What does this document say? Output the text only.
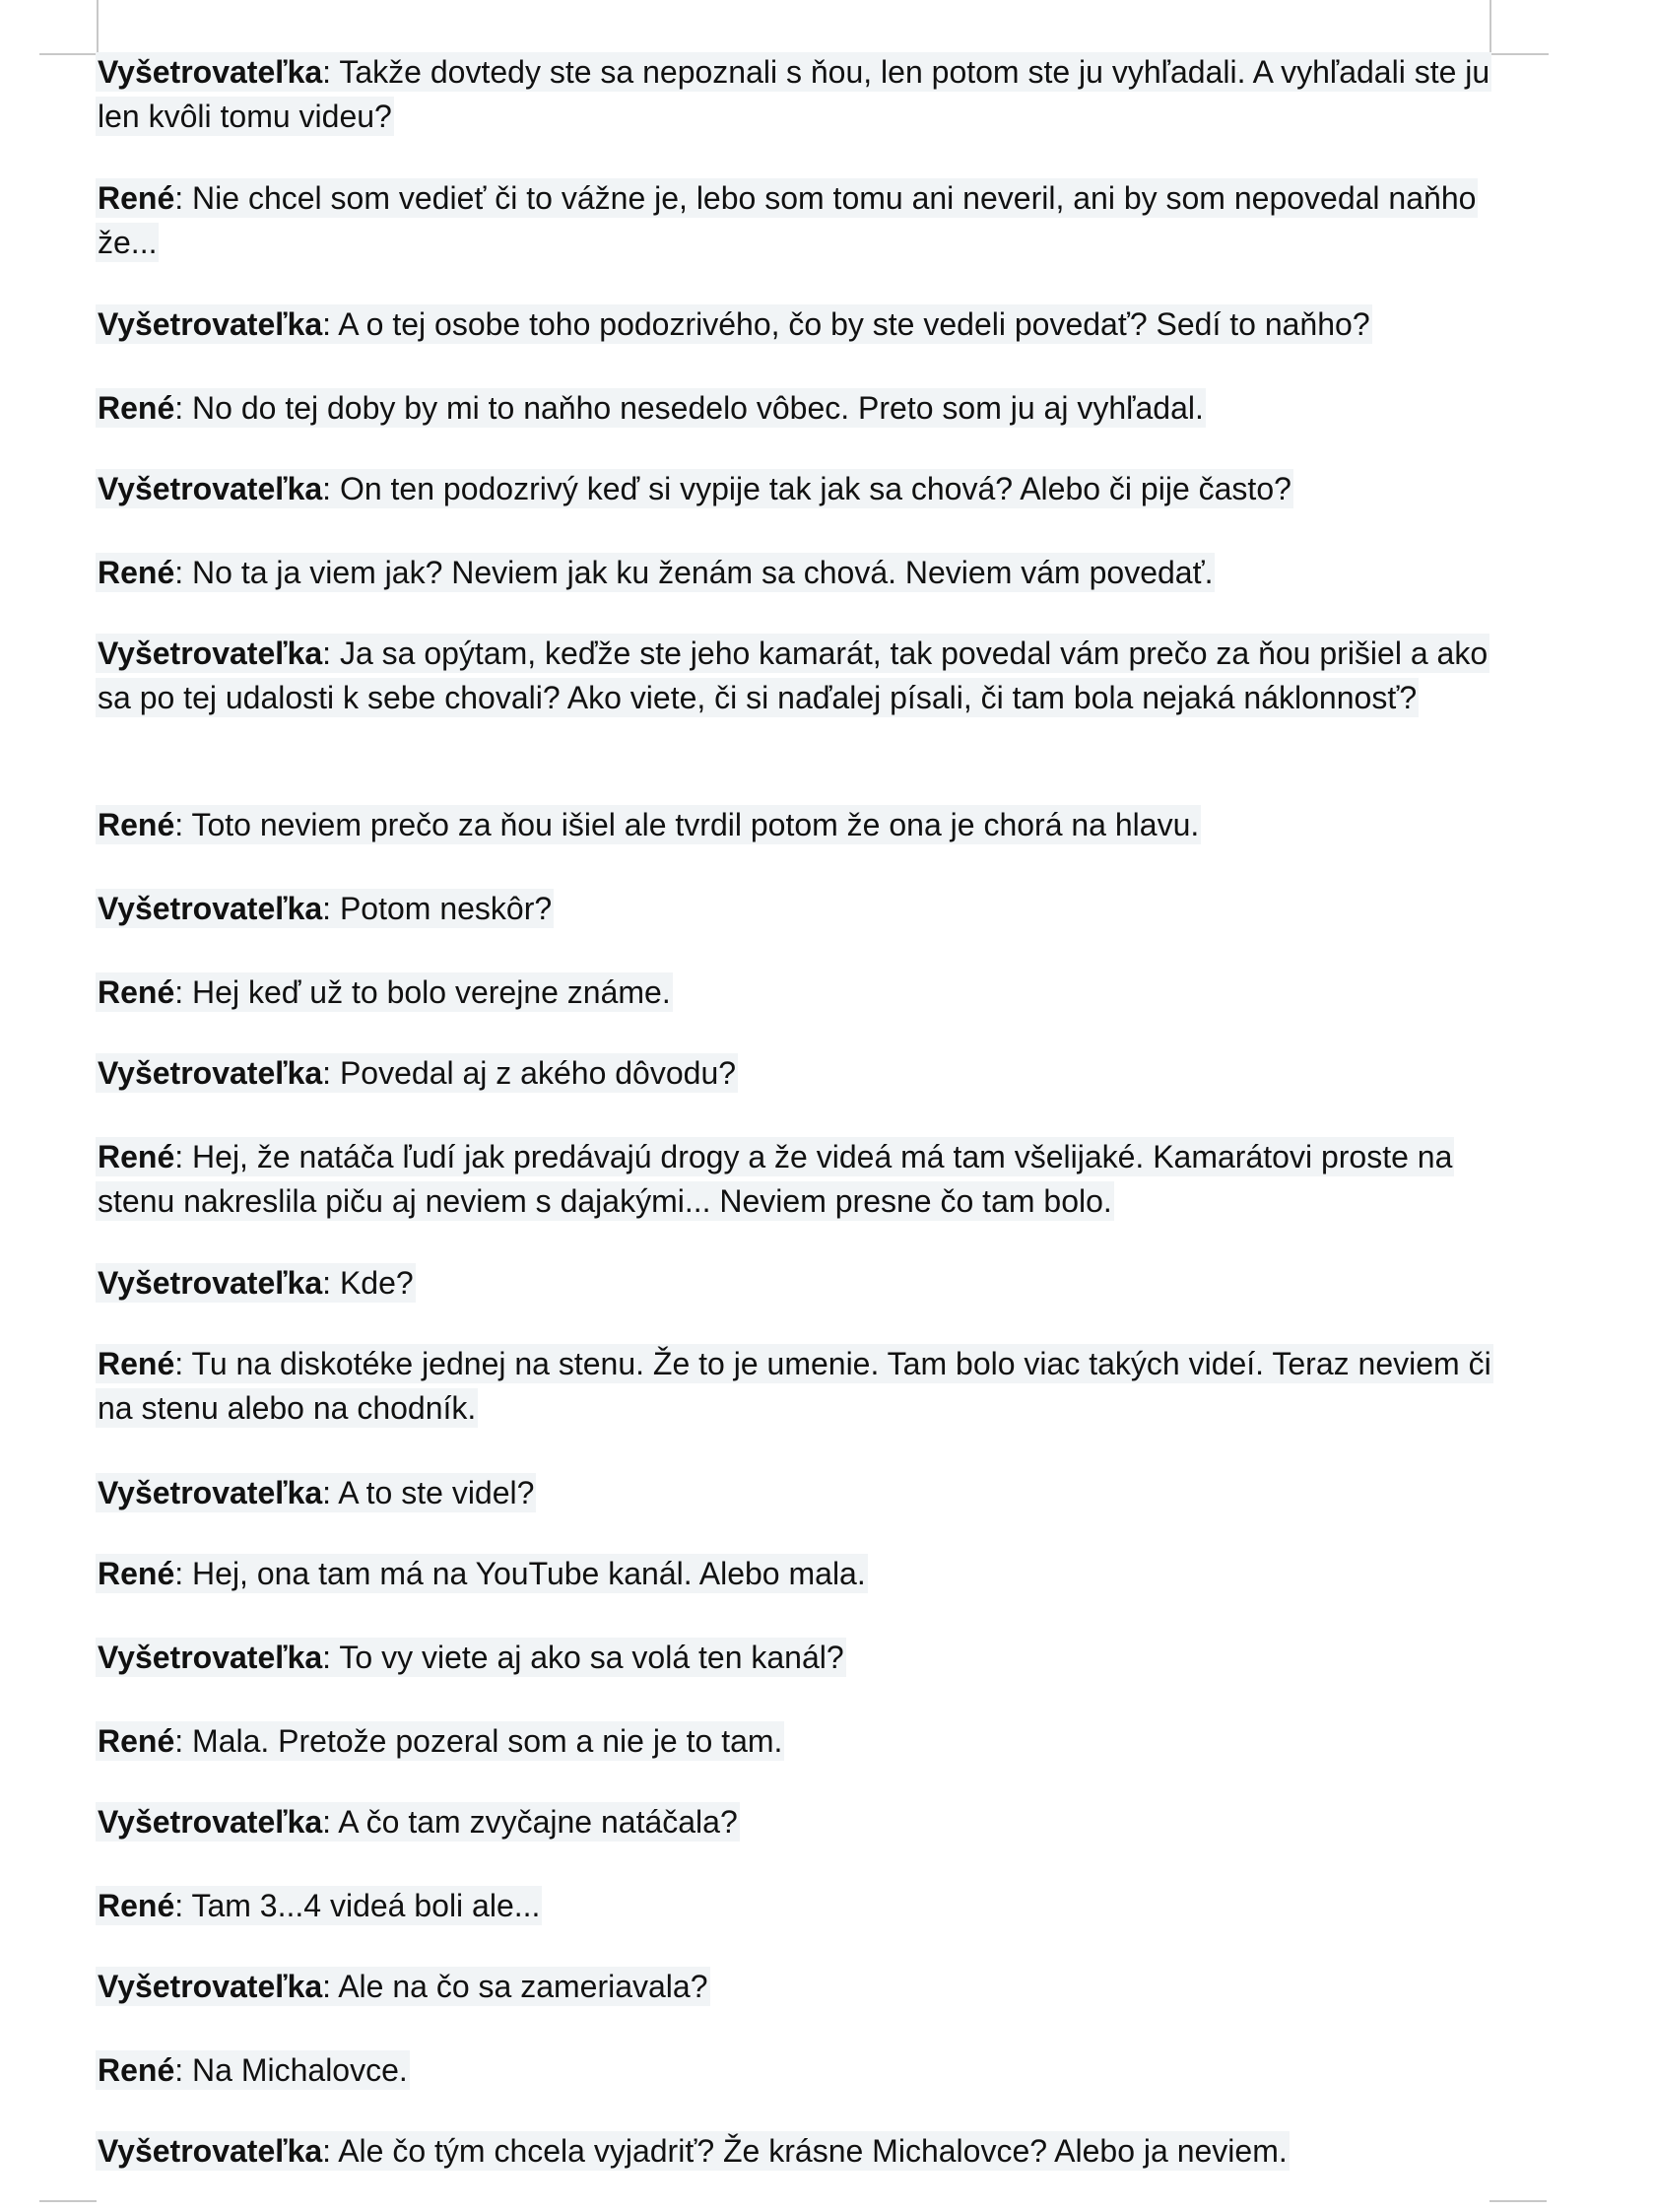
Vyšetrovateľka: Takže dovtedy ste sa nepoznali s ňou, len potom ste ju vyhľadali. A vyhľadali ste ju len kvôli tomu videu?

René: Nie chcel som vedieť či to vážne je, lebo som tomu ani neveril, ani by som nepovedal naňho že...

Vyšetrovateľka: A o tej osobe toho podozrivého, čo by ste vedeli povedať? Sedí to naňho?

René: No do tej doby by mi to naňho nesedelo vôbec. Preto som ju aj vyhľadal.

Vyšetrovateľka: On ten podozrivý keď si vypije tak jak sa chová? Alebo či pije často?

René: No ta ja viem jak? Neviem jak ku ženám sa chová. Neviem vám povedať.

Vyšetrovateľka: Ja sa opýtam, keďže ste jeho kamarát, tak povedal vám prečo za ňou prišiel a ako sa po tej udalosti k sebe chovali? Ako viete, či si naďalej písali, či tam bola nejaká náklonnosť?

René: Toto neviem prečo za ňou išiel ale tvrdil potom že ona je chorá na hlavu.

Vyšetrovateľka: Potom neskôr?

René: Hej keď už to bolo verejne známe.

Vyšetrovateľka: Povedal aj z akého dôvodu?

René: Hej, že natáča ľudí jak predávajú drogy a že videá má tam všelijaké. Kamarátovi proste na stenu nakreslila piču aj neviem s dajakými... Neviem presne čo tam bolo.

Vyšetrovateľka: Kde?

René: Tu na diskotéke jednej na stenu. Že to je umenie. Tam bolo viac takých videí. Teraz neviem či na stenu alebo na chodník.

Vyšetrovateľka: A to ste videl?

René: Hej, ona tam má na YouTube kanál. Alebo mala.

Vyšetrovateľka: To vy viete aj ako sa volá ten kanál?

René: Mala. Pretože pozeral som a nie je to tam.

Vyšetrovateľka: A čo tam zvyčajne natáčala?

René: Tam 3...4 videá boli ale...

Vyšetrovateľka: Ale na čo sa zameriavala?

René: Na Michalovce.

Vyšetrovateľka: Ale čo tým chcela vyjadriť? Že krásne Michalovce? Alebo ja neviem.
